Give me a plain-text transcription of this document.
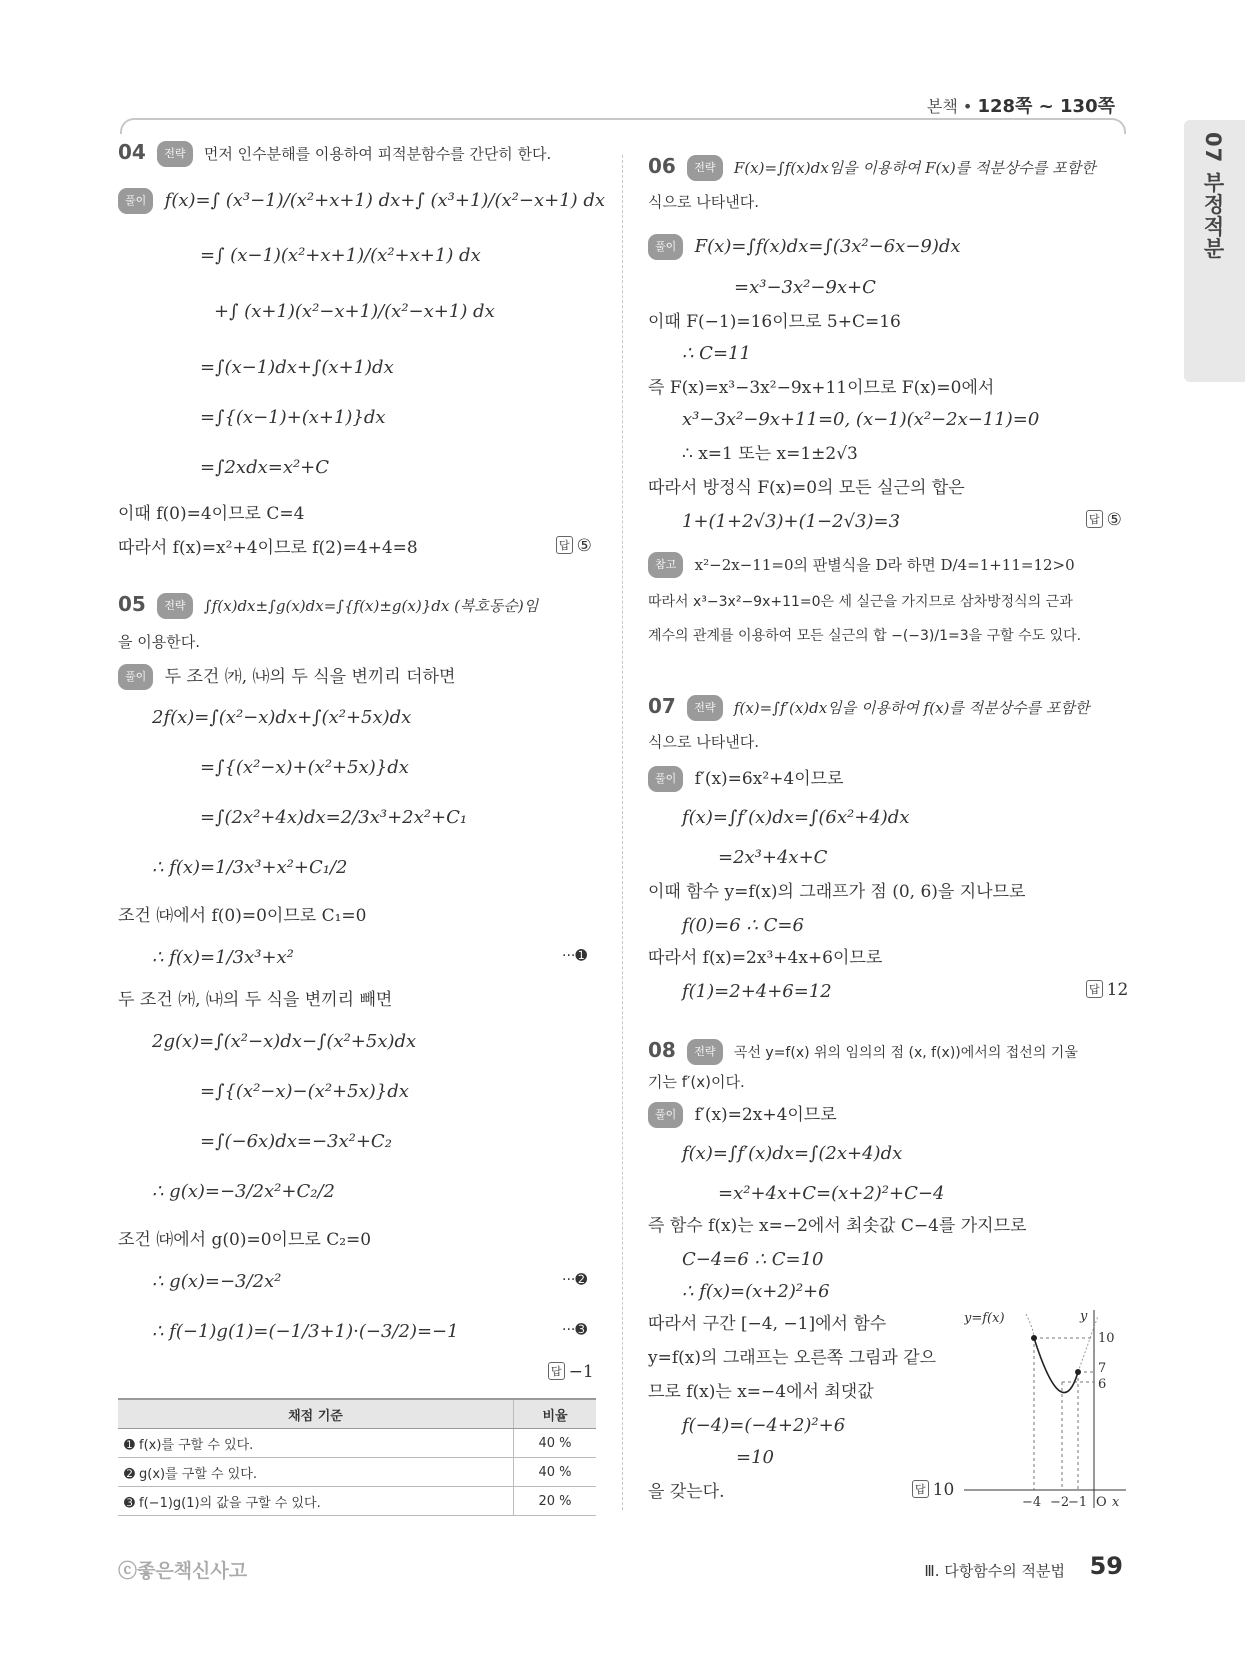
본책 • 128쪽 ~ 130쪽
07 부정적분
04 전략 먼저 인수분해를 이용하여 피적분함수를 간단히 한다.
풀이 f(x)=∫ (x³−1)/(x²+x+1) dx+∫ (x³+1)/(x²−x+1) dx
=∫ (x−1)(x²+x+1)/(x²+x+1) dx
+∫ (x+1)(x²−x+1)/(x²−x+1) dx
=∫(x−1)dx+∫(x+1)dx
=∫{(x−1)+(x+1)}dx
=∫2xdx=x²+C
이때 f(0)=4이므로 C=4
따라서 f(x)=x²+4이므로 f(2)=4+4=8	답 ⑤
05 전략 ∫f(x)dx±∫g(x)dx=∫{f(x)±g(x)}dx (복호동순)임
을 이용한다.
풀이 두 조건 ㈎, ㈏의 두 식을 변끼리 더하면
2f(x)=∫(x²−x)dx+∫(x²+5x)dx
=∫{(x²−x)+(x²+5x)}dx
=∫(2x²+4x)dx=2/3x³+2x²+C₁
∴ f(x)=1/3x³+x²+C₁/2
조건 ㈐에서 f(0)=0이므로 C₁=0
∴ f(x)=1/3x³+x²	···➊
두 조건 ㈎, ㈏의 두 식을 변끼리 빼면
2g(x)=∫(x²−x)dx−∫(x²+5x)dx
=∫{(x²−x)−(x²+5x)}dx
=∫(−6x)dx=−3x²+C₂
∴ g(x)=−3/2x²+C₂/2
조건 ㈐에서 g(0)=0이므로 C₂=0
∴ g(x)=−3/2x²	···➋
∴ f(−1)g(1)=(−1/3+1)·(−3/2)=−1	···➌
답 −1
채점 기준	비율
➊ f(x)를 구할 수 있다.	40 %
➋ g(x)를 구할 수 있다.	40 %
➌ f(−1)g(1)의 값을 구할 수 있다.	20 %
06 전략 F(x)=∫f(x)dx임을 이용하여 F(x)를 적분상수를 포함한
식으로 나타낸다.
풀이 F(x)=∫f(x)dx=∫(3x²−6x−9)dx
=x³−3x²−9x+C
이때 F(−1)=16이므로 5+C=16
∴ C=11
즉 F(x)=x³−3x²−9x+11이므로 F(x)=0에서
x³−3x²−9x+11=0, (x−1)(x²−2x−11)=0
∴ x=1 또는 x=1±2√3
따라서 방정식 F(x)=0의 모든 실근의 합은
1+(1+2√3)+(1−2√3)=3	답 ⑤
참고 x²−2x−11=0의 판별식을 D라 하면 D/4=1+11=12>0
따라서 x³−3x²−9x+11=0은 세 실근을 가지므로 삼차방정식의 근과
계수의 관계를 이용하여 모든 실근의 합 −(−3)/1=3을 구할 수도 있다.
07 전략 f(x)=∫f′(x)dx임을 이용하여 f(x)를 적분상수를 포함한
식으로 나타낸다.
풀이 f′(x)=6x²+4이므로
f(x)=∫f′(x)dx=∫(6x²+4)dx
=2x³+4x+C
이때 함수 y=f(x)의 그래프가 점 (0, 6)을 지나므로
f(0)=6 ∴ C=6
따라서 f(x)=2x³+4x+6이므로
f(1)=2+4+6=12	답 12
08 전략 곡선 y=f(x) 위의 임의의 점 (x, f(x))에서의 접선의 기울
기는 f′(x)이다.
풀이 f′(x)=2x+4이므로
f(x)=∫f′(x)dx=∫(2x+4)dx
=x²+4x+C=(x+2)²+C−4
즉 함수 f(x)는 x=−2에서 최솟값 C−4를 가지므로
C−4=6 ∴ C=10
∴ f(x)=(x+2)²+6
따라서 구간 [−4, −1]에서 함수
y=f(x)의 그래프는 오른쪽 그림과 같으
므로 f(x)는 x=−4에서 최댓값
f(−4)=(−4+2)²+6
=10
을 갖는다.	답 10
y=f(x)	y
10
7
6
−4 −2
−1 O x
ⓒ좋은책신사고	Ⅲ. 다항함수의 적분법 59
